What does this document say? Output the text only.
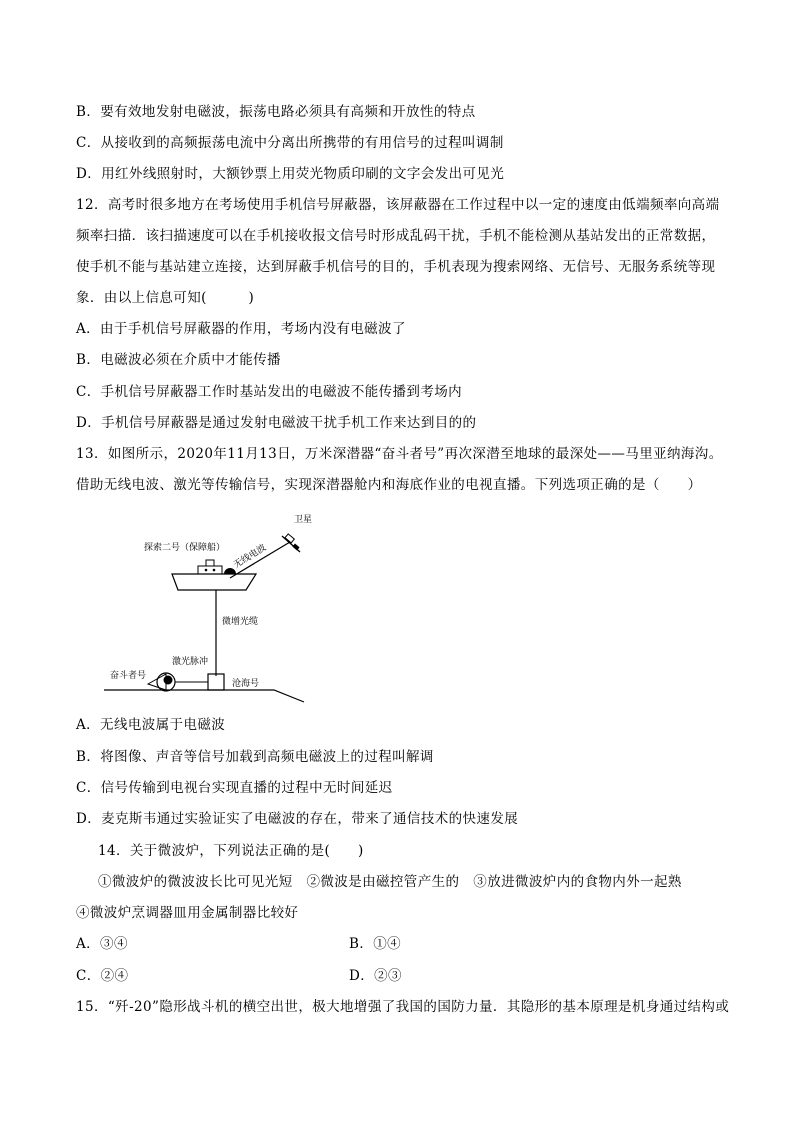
B．要有效地发射电磁波，振荡电路必须具有高频和开放性的特点
C．从接收到的高频振荡电流中分离出所携带的有用信号的过程叫调制
D．用红外线照射时，大额钞票上用荧光物质印刷的文字会发出可见光
12．高考时很多地方在考场使用手机信号屏蔽器，该屏蔽器在工作过程中以一定的速度由低端频率向高端
频率扫描．该扫描速度可以在手机接收报文信号时形成乱码干扰，手机不能检测从基站发出的正常数据，
使手机不能与基站建立连接，达到屏蔽手机信号的目的，手机表现为搜索网络、无信号、无服务系统等现
象．由以上信息可知(　　　)
A．由于手机信号屏蔽器的作用，考场内没有电磁波了
B．电磁波必须在介质中才能传播
C．手机信号屏蔽器工作时基站发出的电磁波不能传播到考场内
D．手机信号屏蔽器是通过发射电磁波干扰手机工作来达到目的的
13．如图所示，2020年11月13日，万米深潜器“奋斗者号”再次深潜至地球的最深处——马里亚纳海沟。
借助无线电波、激光等传输信号，实现深潜器舱内和海底作业的电视直播。下列选项正确的是（　　）
卫星
无线电波
探索二号（保障船）
微增光缆
激光脉冲
奋斗者号
沧海号
A．无线电波属于电磁波
B．将图像、声音等信号加载到高频电磁波上的过程叫解调
C．信号传输到电视台实现直播的过程中无时间延迟
D．麦克斯韦通过实验证实了电磁波的存在，带来了通信技术的快速发展
14．关于微波炉，下列说法正确的是(　　)
①微波炉的微波波长比可见光短　②微波是由磁控管产生的　③放进微波炉内的食物内外一起熟
④微波炉烹调器皿用金属制器比较好
A．③④	B．①④
C．②④	D．②③
15．“歼-20”隐形战斗机的横空出世，极大地增强了我国的国防力量．其隐形的基本原理是机身通过结构或
